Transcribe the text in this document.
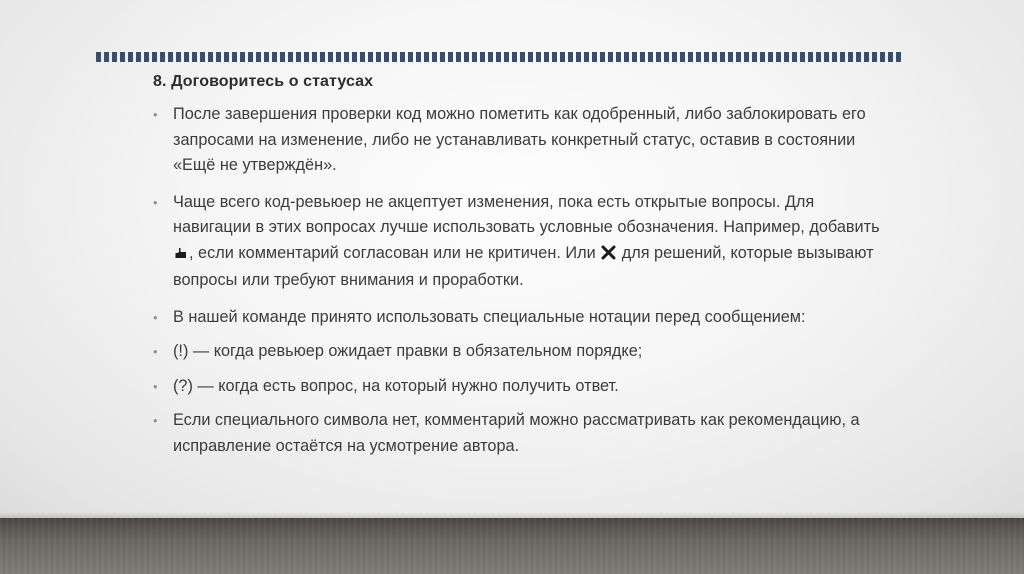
8. Договоритесь о статусах
• После завершения проверки код можно пометить как одобренный, либо заблокировать его запросами на изменение, либо не устанавливать конкретный статус, оставив в состоянии «Ещё не утверждён».
• Чаще всего код-ревьюер не акцептует изменения, пока есть открытые вопросы. Для навигации в этих вопросах лучше использовать условные обозначения. Например, добавить , если комментарий согласован или не критичен. Или  для решений, которые вызывают вопросы или требуют внимания и проработки.
• В нашей команде принято использовать специальные нотации перед сообщением:
• (!) — когда ревьюер ожидает правки в обязательном порядке;
• (?) — когда есть вопрос, на который нужно получить ответ.
• Если специального символа нет, комментарий можно рассматривать как рекомендацию, а исправление остаётся на усмотрение автора.
